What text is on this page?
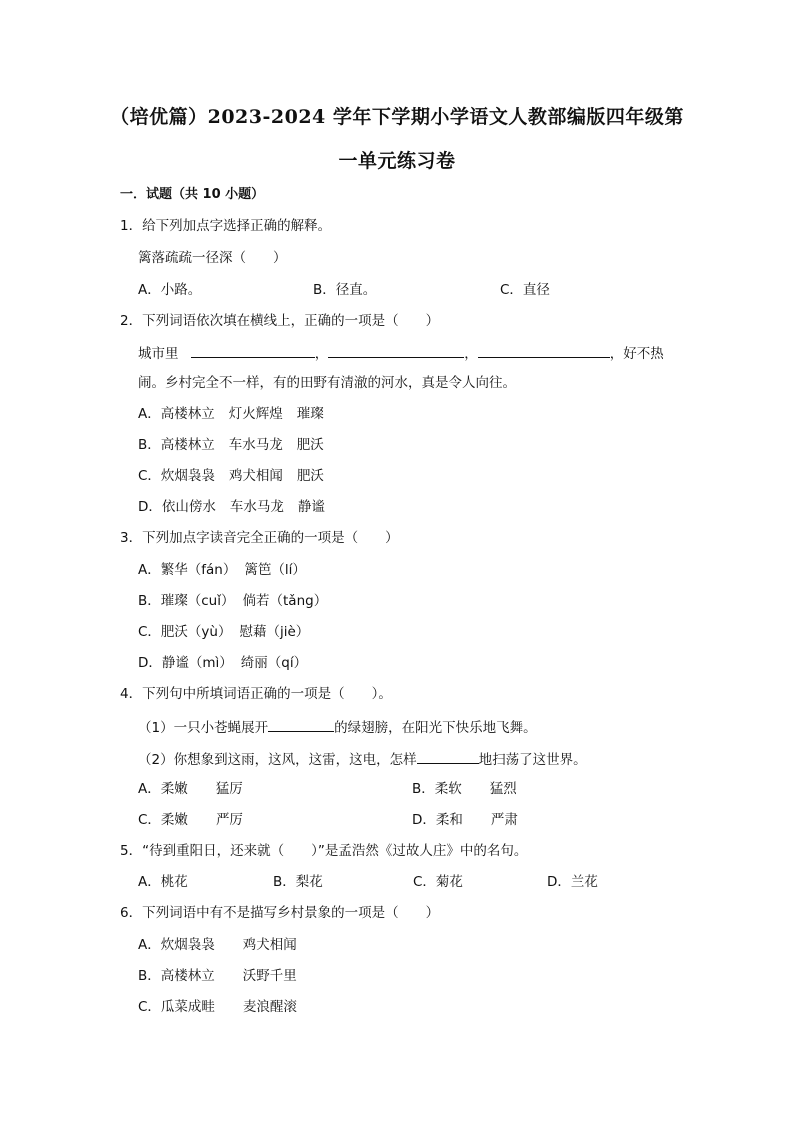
（培优篇）2023-2024 学年下学期小学语文人教部编版四年级第
一单元练习卷
一．试题（共 10 小题）
1．给下列加点字选择正确的解释。
篱落疏疏一径深（　　）
A．小路。	B．径直。	C．直径
2．下列词语依次填在横线上，正确的一项是（　　）
城市里	，	，	，好不热
闹。乡村完全不一样，有的田野有清澈的河水，真是令人向往。
A．高楼林立 灯火辉煌 璀璨
B．高楼林立 车水马龙 肥沃
C．炊烟袅袅 鸡犬相闻 肥沃
D．依山傍水 车水马龙 静谧
3．下列加点字读音完全正确的一项是（　　）
A．繁华（fán） 篱笆（lí）
B．璀璨（cuǐ） 倘若（tǎng）
C．肥沃（yù） 慰藉（jiè）
D．静谧（mì） 绮丽（qí）
4．下列句中所填词语正确的一项是（　　）。
（1）一只小苍蝇展开	的绿翅膀，在阳光下快乐地飞舞。
（2）你想象到这雨，这风，这雷，这电，怎样	地扫荡了这世界。
A．柔嫩 猛厉	B．柔软 猛烈
C．柔嫩 严厉	D．柔和 严肃
5．“待到重阳日，还来就（　　）”是孟浩然《过故人庄》中的名句。
A．桃花	B．梨花	C．菊花	D．兰花
6．下列词语中有不是描写乡村景象的一项是（　　）
A．炊烟袅袅 鸡犬相闻
B．高楼林立 沃野千里
C．瓜菜成畦 麦浪醒滚
